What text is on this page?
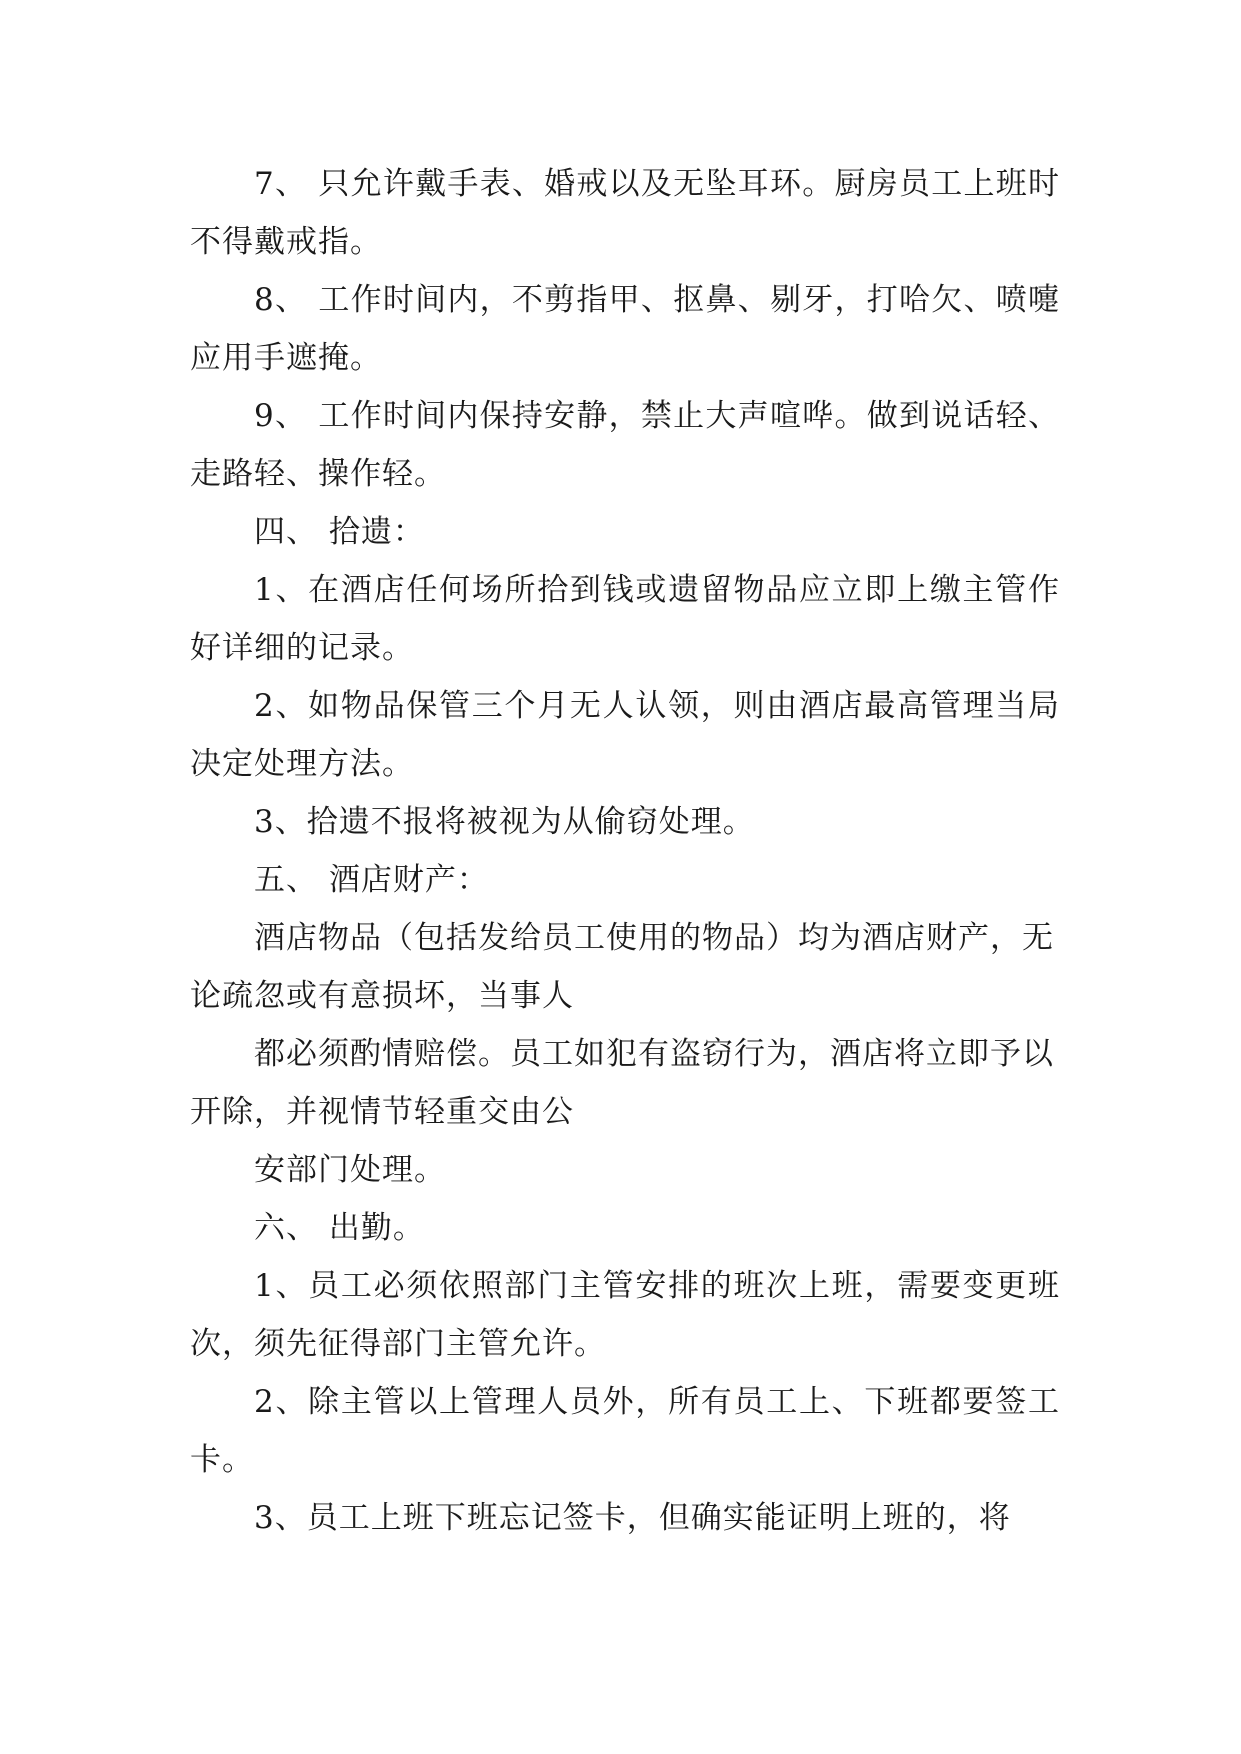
7、 只允许戴手表、婚戒以及无坠耳环。厨房员工上班时不得戴戒指。

8、 工作时间内，不剪指甲、抠鼻、剔牙，打哈欠、喷嚏应用手遮掩。

9、 工作时间内保持安静，禁止大声喧哗。做到说话轻、走路轻、操作轻。

四、 拾遗：

1、在酒店任何场所拾到钱或遗留物品应立即上缴主管作好详细的记录。

2、如物品保管三个月无人认领，则由酒店最高管理当局决定处理方法。

3、拾遗不报将被视为从偷窃处理。

五、 酒店财产：

酒店物品（包括发给员工使用的物品）均为酒店财产，无论疏忽或有意损坏，当事人

都必须酌情赔偿。员工如犯有盗窃行为，酒店将立即予以开除，并视情节轻重交由公

安部门处理。

六、 出勤。

1、员工必须依照部门主管安排的班次上班，需要变更班次，须先征得部门主管允许。

2、除主管以上管理人员外，所有员工上、下班都要签工卡。

3、员工上班下班忘记签卡，但确实能证明上班的，将
